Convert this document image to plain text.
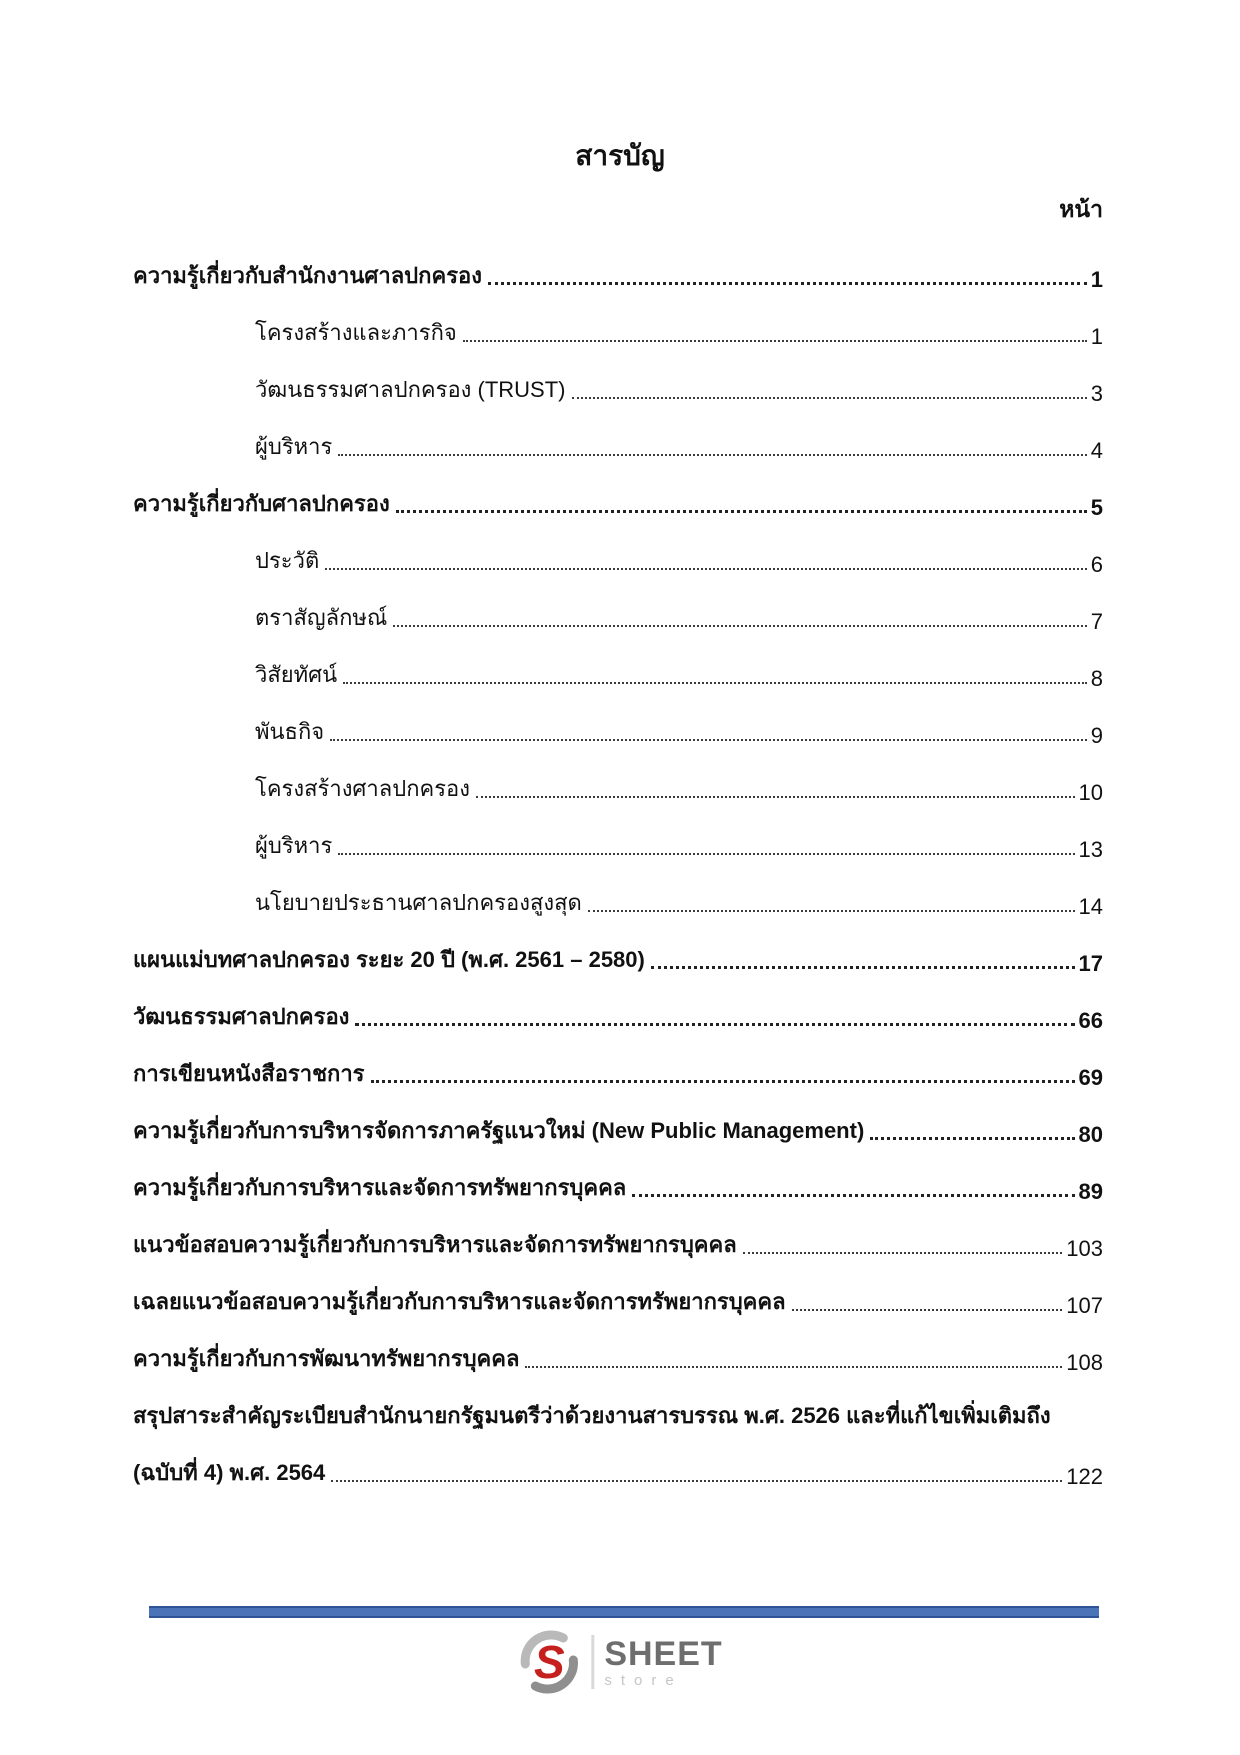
สารบัญ
หน้า
ความรู้เกี่ยวกับสำนักงานศาลปกครอง	1
โครงสร้างและภารกิจ	1
วัฒนธรรมศาลปกครอง (TRUST)	3
ผู้บริหาร	4
ความรู้เกี่ยวกับศาลปกครอง	5
ประวัติ	6
ตราสัญลักษณ์	7
วิสัยทัศน์	8
พันธกิจ	9
โครงสร้างศาลปกครอง	10
ผู้บริหาร	13
นโยบายประธานศาลปกครองสูงสุด	14
แผนแม่บทศาลปกครอง ระยะ 20 ปี (พ.ศ. 2561 – 2580)	17
วัฒนธรรมศาลปกครอง	66
การเขียนหนังสือราชการ	69
ความรู้เกี่ยวกับการบริหารจัดการภาครัฐแนวใหม่ (New Public Management)	80
ความรู้เกี่ยวกับการบริหารและจัดการทรัพยากรบุคคล	89
แนวข้อสอบความรู้เกี่ยวกับการบริหารและจัดการทรัพยากรบุคคล	103
เฉลยแนวข้อสอบความรู้เกี่ยวกับการบริหารและจัดการทรัพยากรบุคคล	107
ความรู้เกี่ยวกับการพัฒนาทรัพยากรบุคคล	108
สรุปสาระสำคัญระเบียบสำนักนายกรัฐมนตรีว่าด้วยงานสารบรรณ พ.ศ. 2526 และที่แก้ไขเพิ่มเติมถึง
(ฉบับที่ 4) พ.ศ. 2564	122
S SHEET
store
